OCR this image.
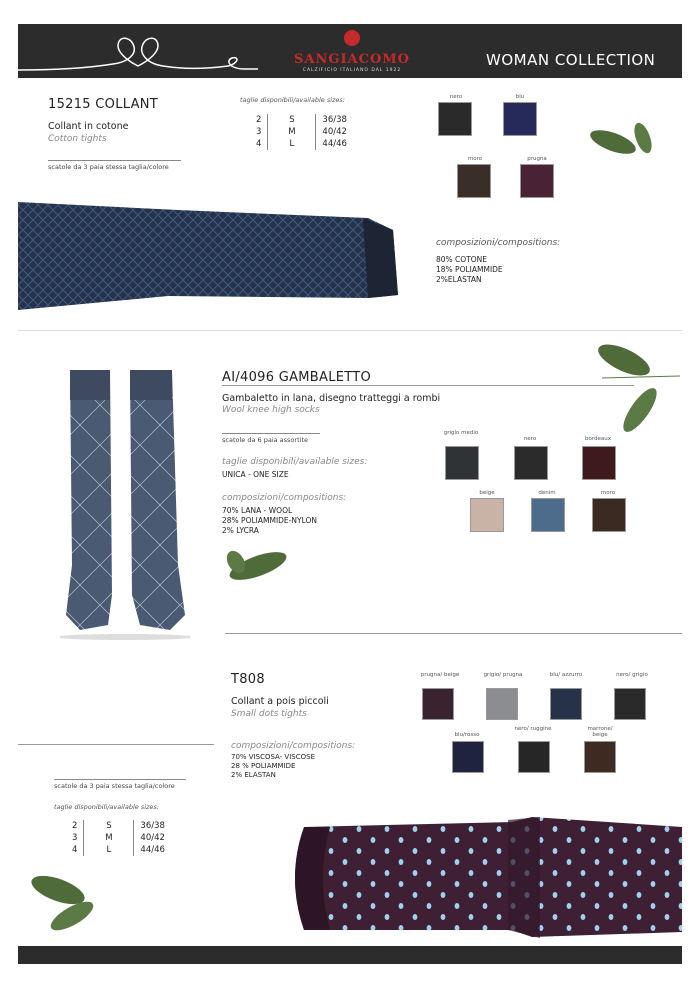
SANGIACOMO
CALZIFICIO ITALIANO DAL 1922
WOMAN COLLECTION
15215 COLLANT
Collant in cotone
Cotton tights
scatole da 3 paia stessa taglia/colore
taglie disponibili/available sizes:
2	S	36/38
3	M	40/42
4	L	44/46
nero	blu
moro	prugna
composizioni/compositions:
80% COTONE
18% POLIAMMIDE
2%ELASTAN
AI/4096 GAMBALETTO
Gambaletto in lana, disegno tratteggi a rombi
Wool knee high socks
scatole da 6 paia assortite
taglie disponibili/available sizes:
UNICA - ONE SIZE
composizioni/compositions:
70% LANA - WOOL
28% POLIAMMIDE-NYLON
2% LYCRA
grigio medio
nero	bordeaux
beige	denim	moro
T808
Collant a pois piccoli
Small dots tights
composizioni/compositions:
70% VISCOSA- VISCOSE
28 % POLIAMMIDE
2% ELASTAN
scatole da 3 paia stessa taglia/colore
taglie disponibili/available sizes:
2	S	36/38
3	M	40/42
4	L	44/46
prugna/ beige	grigio/ prugna	blu/ azzurro	nero/ grigio
blu/rosso
nero/ ruggine	marrone/ beige
